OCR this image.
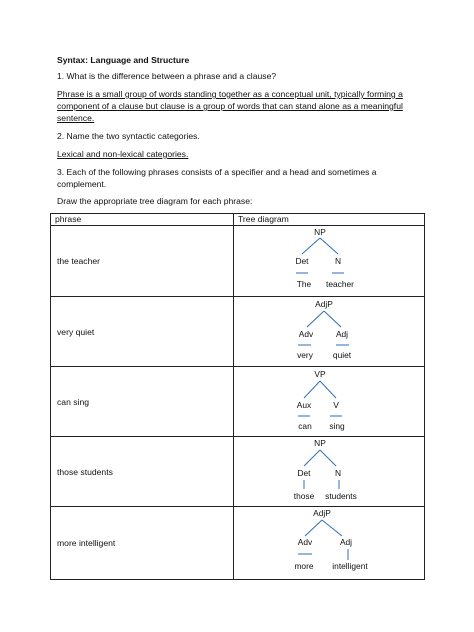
Syntax: Language and Structure
1. What is the difference between a phrase and a clause?
Phrase is a small group of words standing together as a conceptual unit, typically forming a
component of a clause but clause is a group of words that can stand alone as a meaningful
sentence.
2. Name the two syntactic categories.
Lexical and non-lexical categories.
3. Each of the following phrases consists of a specifier and a head and sometimes a
complement.
Draw the appropriate tree diagram for each phrase:
phrase	Tree diagram
the teacher	NP
Det N
The teacher

very quiet	AdjP
Adv Adj
very quiet

can sing	VP
Aux V
can sing

those students	NP
Det N
those students

more intelligent	AdjP
Adv Adj
more intelligent
